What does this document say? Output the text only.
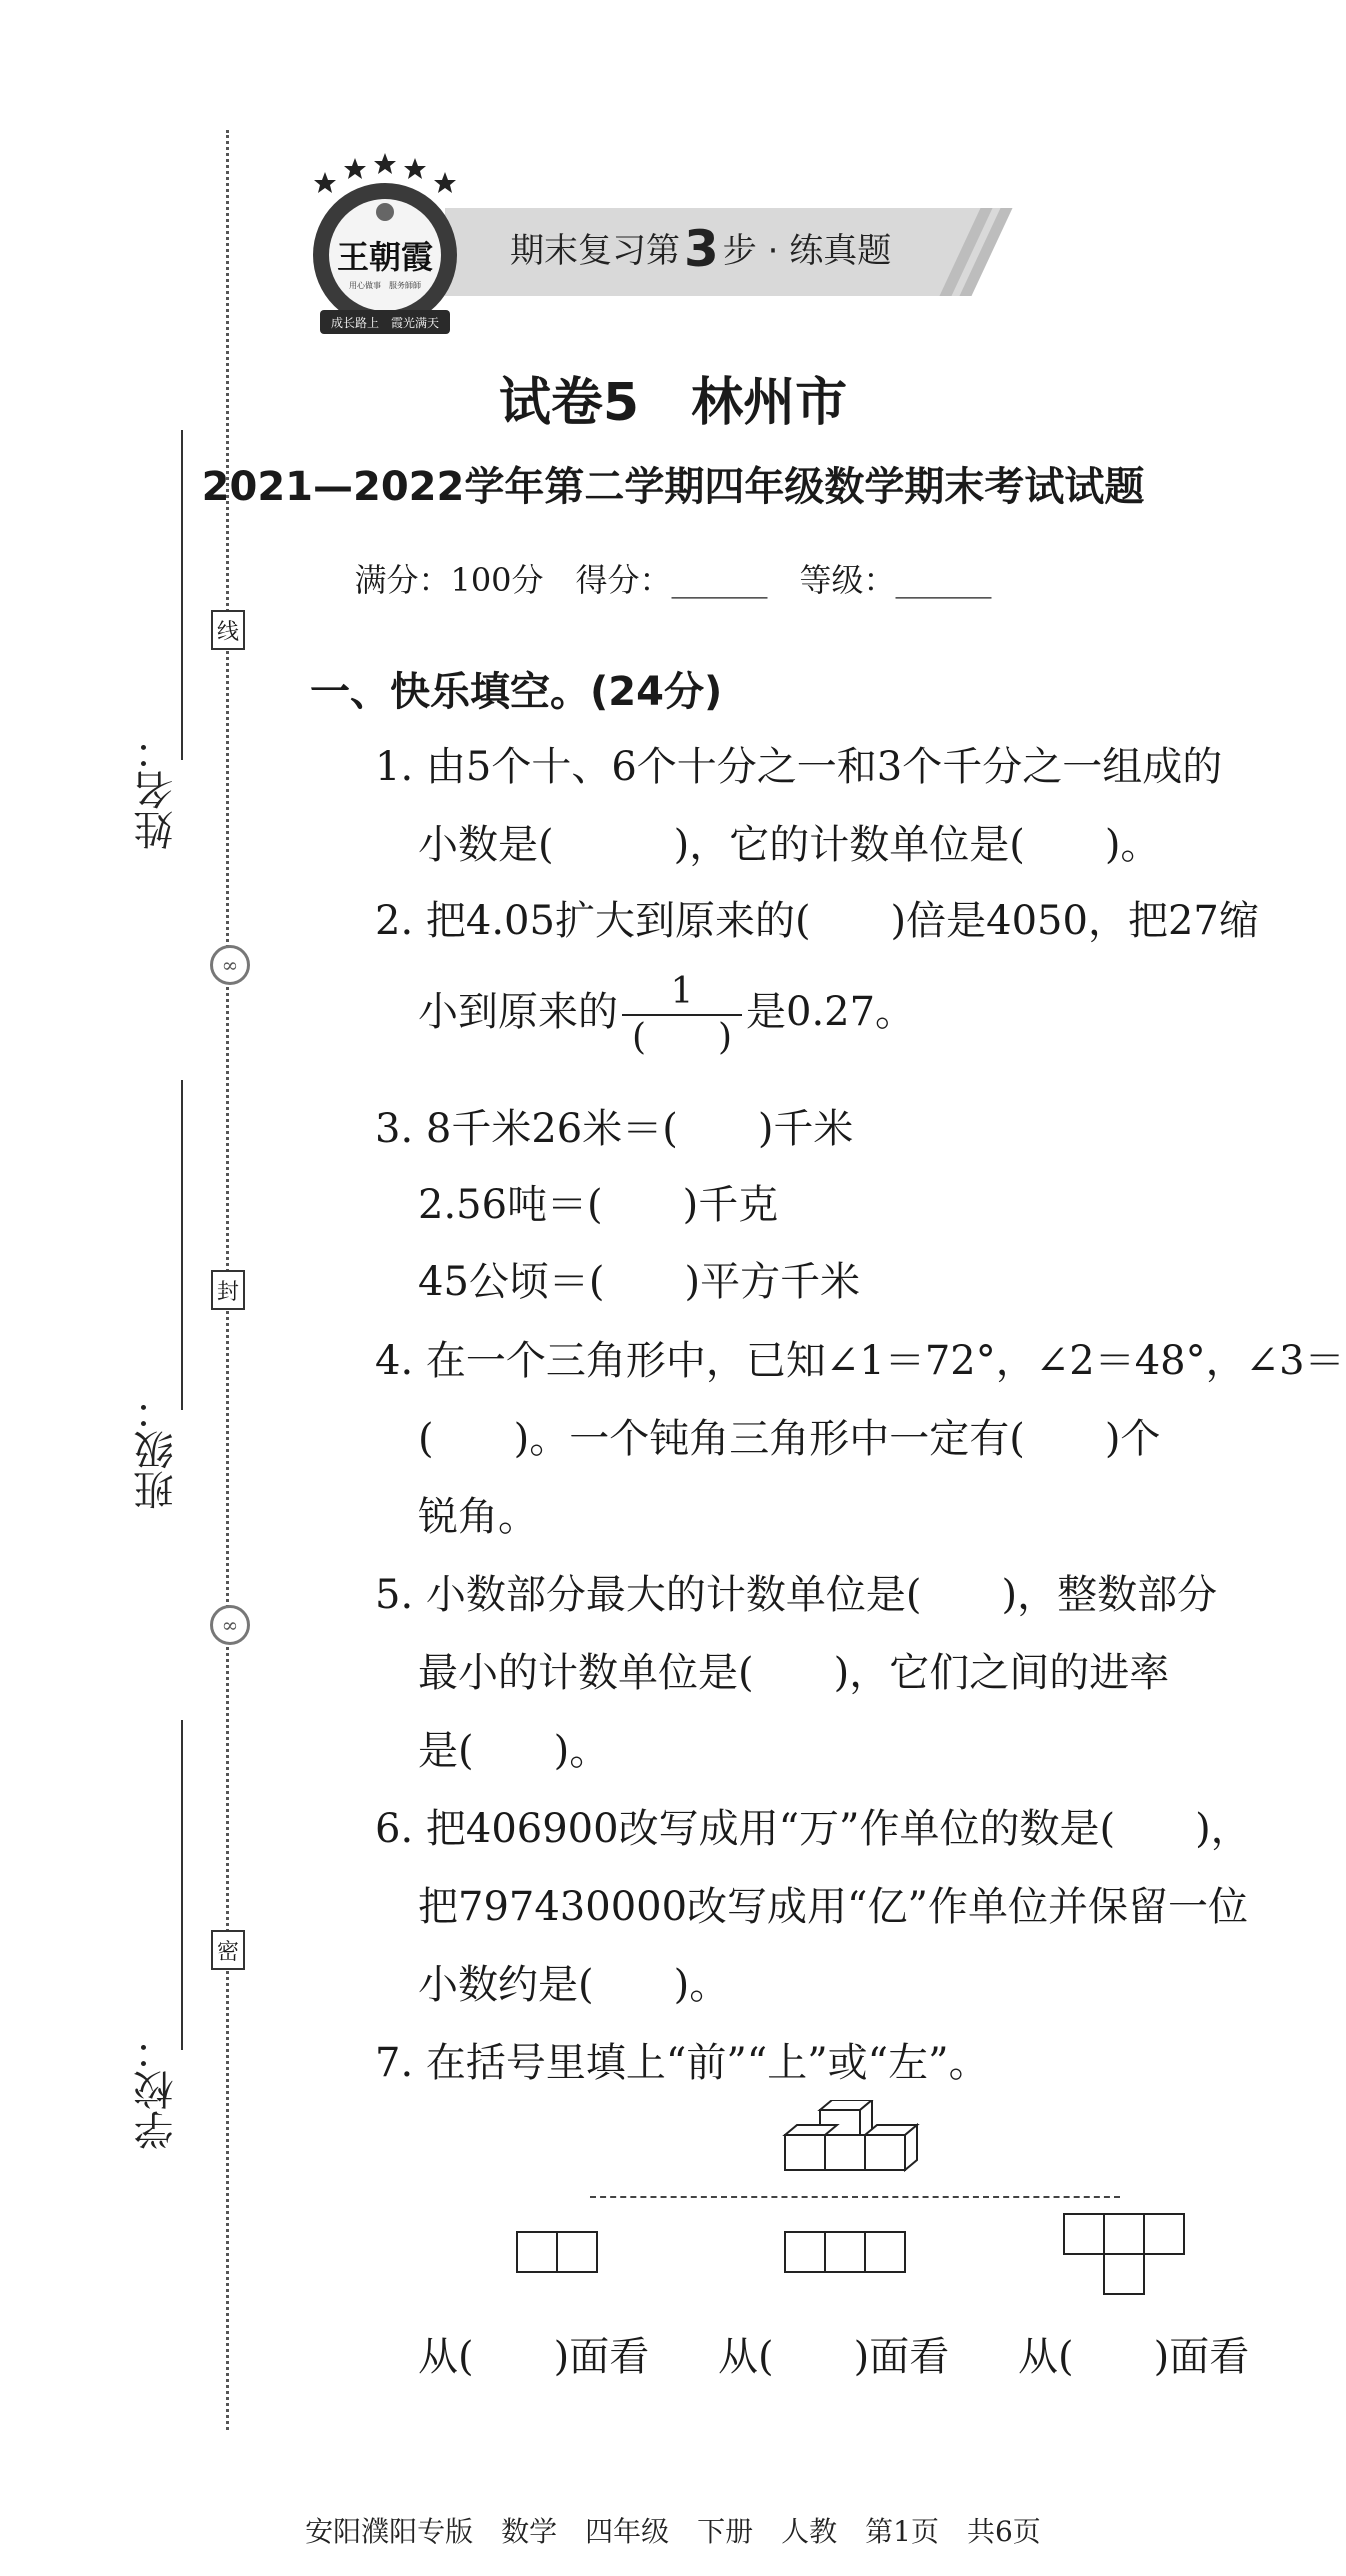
姓名：
班级：
学校：
线
∞
封
∞
密
期末复习第3 步 · 练真题
王朝霞
用心做事　服务師師
成长路上　霞光满天
试卷5　林州市
2021—2022学年第二学期四年级数学期末考试试题
满分：100分　得分：______　等级：______
一、快乐填空。(24分)
1. 由5个十、6个十分之一和3个千分之一组成的
小数是(　　　)，它的计数单位是(　　)。
2. 把4.05扩大到原来的(　　)倍是4050，把27缩
小到原来的 $\frac{1}{( )}$ 是0.27。
3. 8千米26米＝(　　)千米
2.56吨＝(　　)千克
45公顷＝(　　)平方千米
4. 在一个三角形中，已知∠1＝72°，∠2＝48°，∠3＝
(　　)。一个钝角三角形中一定有(　　)个
锐角。
5. 小数部分最大的计数单位是(　　)，整数部分
最小的计数单位是(　　)，它们之间的进率
是(　　)。
6. 把406900改写成用“万”作单位的数是(　　)，
把797430000改写成用“亿”作单位并保留一位
小数约是(　　)。
7. 在括号里填上“前”“上”或“左”。
从(　　)面看 从(　　)面看 从(　　)面看
安阳濮阳专版　数学　四年级　下册　人教　第1页　共6页
